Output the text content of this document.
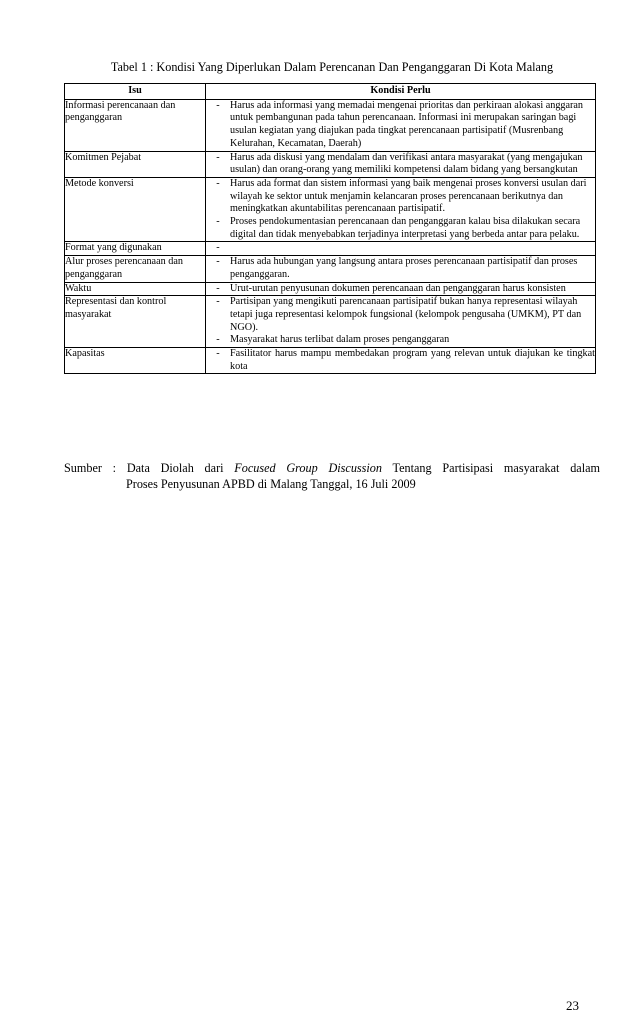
Tabel 1 : Kondisi Yang Diperlukan Dalam Perencanan Dan Penganggaran Di Kota Malang
Isu	Kondisi Perlu
Informasi perencanaan dan penganggaran	- Harus ada informasi yang memadai mengenai prioritas dan perkiraan alokasi anggaran untuk pembangunan pada tahun perencanaan. Informasi ini merupakan saringan bagi usulan kegiatan yang diajukan pada tingkat perencanaan partisipatif (Musrenbang Kelurahan, Kecamatan, Daerah)

Komitmen Pejabat	- Harus ada diskusi yang mendalam dan verifikasi antara masyarakat (yang mengajukan usulan) dan orang-orang yang memiliki kompetensi dalam bidang yang bersangkutan

Metode konversi	- Harus ada format dan sistem informasi yang baik mengenai proses konversi usulan dari wilayah ke sektor untuk menjamin kelancaran proses perencanaan berikutnya dan meningkatkan akuntabilitas perencanaan partisipatif.
- Proses pendokumentasian perencanaan dan penganggaran kalau bisa dilakukan secara digital dan tidak menyebabkan terjadinya interpretasi yang berbeda antar para pelaku.

Format yang digunakan	-

Alur proses perencanaan dan penganggaran	- Harus ada hubungan yang langsung antara proses perencanaan partisipatif dan proses penganggaran.

Waktu	- Urut-urutan penyusunan dokumen perencanaan dan penganggaran harus konsisten

Representasi dan kontrol masyarakat	- Partisipan yang mengikuti parencanaan partisipatif bukan hanya representasi wilayah tetapi juga representasi kelompok fungsional (kelompok pengusaha (UMKM), PT dan NGO).
- Masyarakat harus terlibat dalam proses penganggaran

Kapasitas	- Fasilitator harus mampu membedakan program yang relevan untuk diajukan ke tingkat kota
Sumber : Data Diolah dari Focused Group Discussion Tentang Partisipasi masyarakat dalam
Proses Penyusunan APBD di Malang Tanggal, 16 Juli 2009
23
